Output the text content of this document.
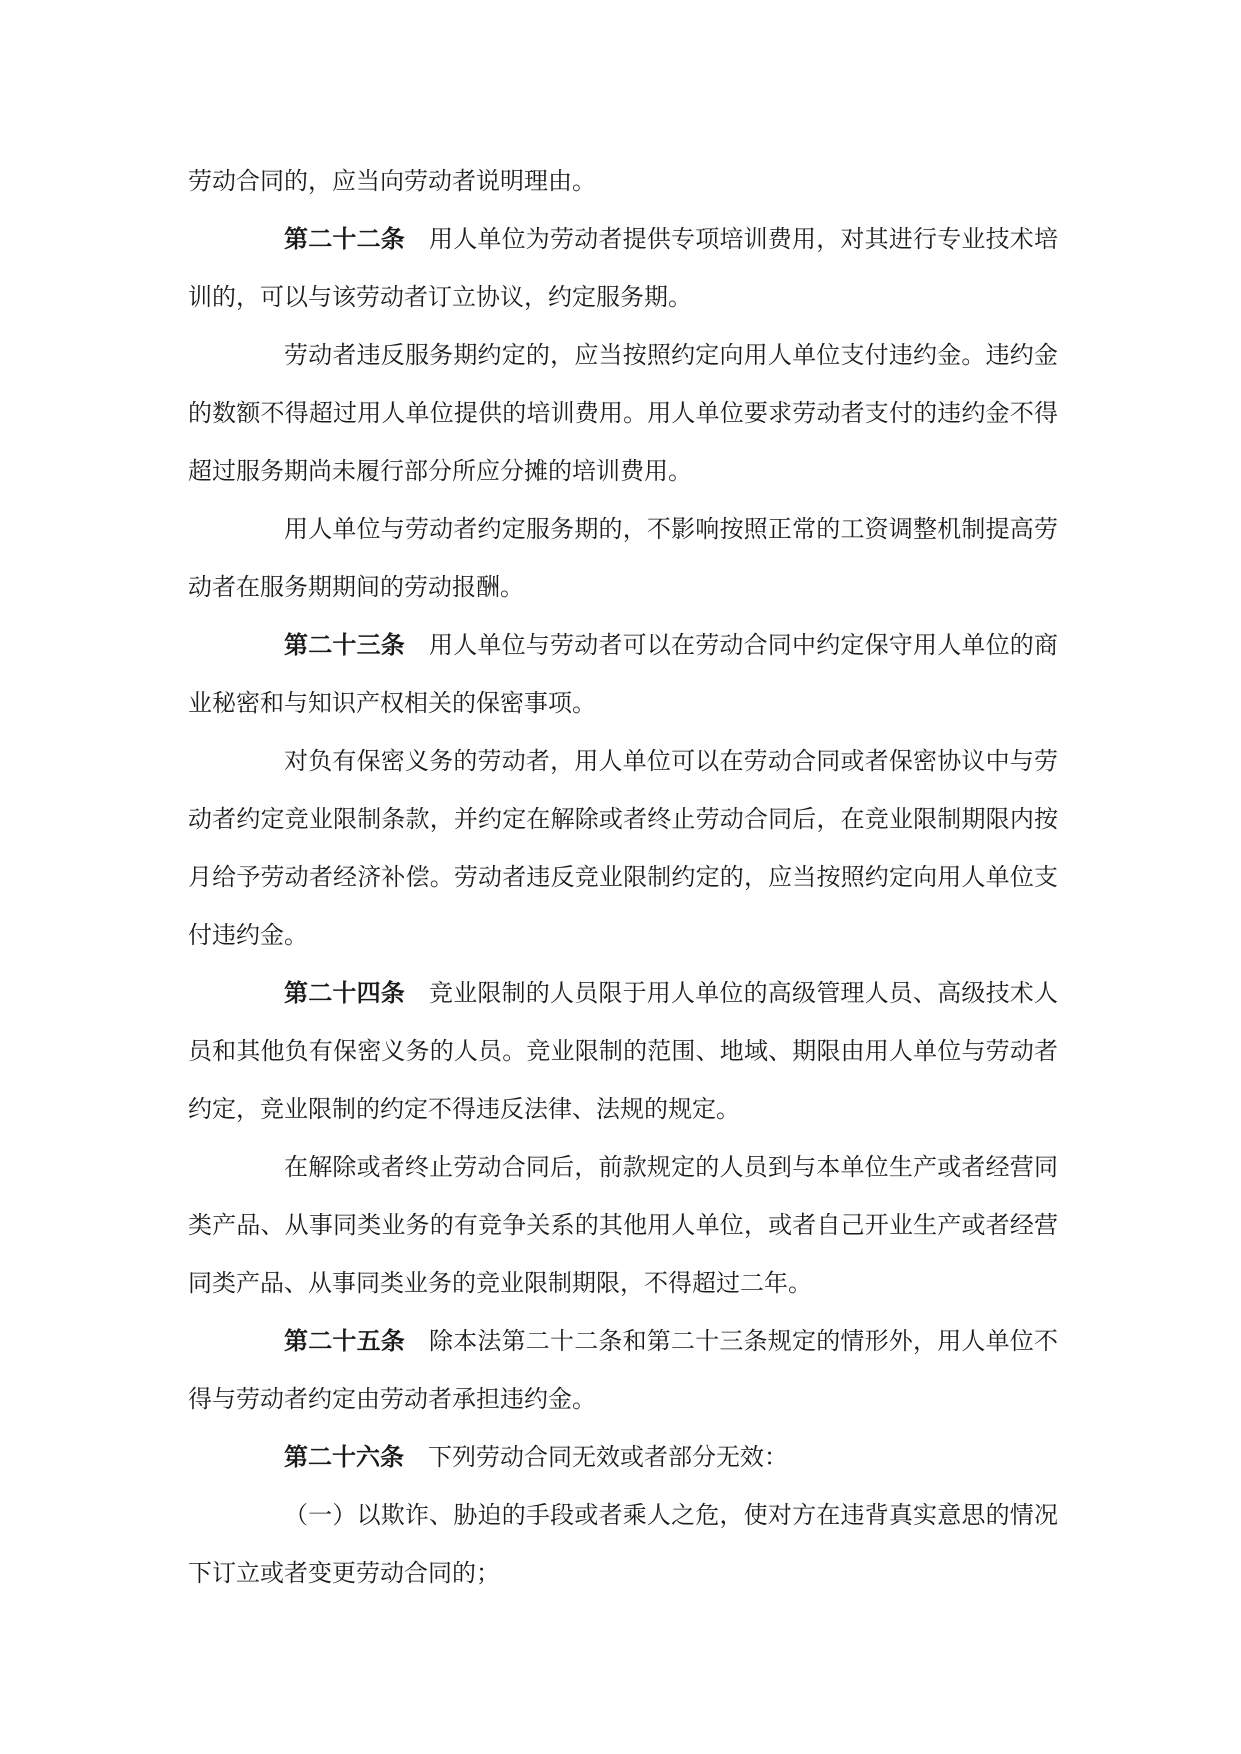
劳动合同的，应当向劳动者说明理由。

第二十二条 用人单位为劳动者提供专项培训费用，对其进行专业技术培训的，可以与该劳动者订立协议，约定服务期。

劳动者违反服务期约定的，应当按照约定向用人单位支付违约金。违约金的数额不得超过用人单位提供的培训费用。用人单位要求劳动者支付的违约金不得超过服务期尚未履行部分所应分摊的培训费用。

用人单位与劳动者约定服务期的，不影响按照正常的工资调整机制提高劳动者在服务期期间的劳动报酬。

第二十三条 用人单位与劳动者可以在劳动合同中约定保守用人单位的商业秘密和与知识产权相关的保密事项。

对负有保密义务的劳动者，用人单位可以在劳动合同或者保密协议中与劳动者约定竞业限制条款，并约定在解除或者终止劳动合同后，在竞业限制期限内按月给予劳动者经济补偿。劳动者违反竞业限制约定的，应当按照约定向用人单位支付违约金。

第二十四条 竞业限制的人员限于用人单位的高级管理人员、高级技术人员和其他负有保密义务的人员。竞业限制的范围、地域、期限由用人单位与劳动者约定，竞业限制的约定不得违反法律、法规的规定。

在解除或者终止劳动合同后，前款规定的人员到与本单位生产或者经营同类产品、从事同类业务的有竞争关系的其他用人单位，或者自己开业生产或者经营同类产品、从事同类业务的竞业限制期限，不得超过二年。

第二十五条 除本法第二十二条和第二十三条规定的情形外，用人单位不得与劳动者约定由劳动者承担违约金。

第二十六条 下列劳动合同无效或者部分无效：

（一）以欺诈、胁迫的手段或者乘人之危，使对方在违背真实意思的情况下订立或者变更劳动合同的；
